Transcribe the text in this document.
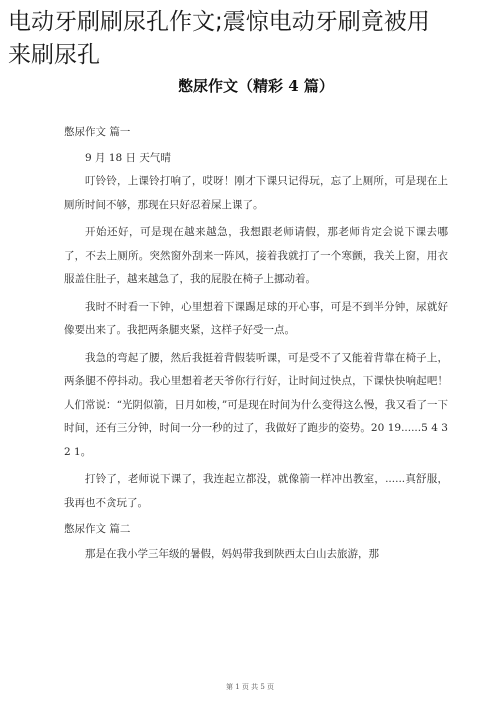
电动牙刷刷尿孔作文;震惊电动牙刷竟被用
来刷尿孔
憋尿作文（精彩 4 篇）

憋尿作文 篇一

9 月 18 日 天气晴

叮铃铃，上课铃打响了，哎呀！刚才下课只记得玩，忘了上厕所，可是现在上厕所时间不够，那现在只好忍着屎上课了。

开始还好，可是现在越来越急，我想跟老师请假，那老师肯定会说下课去哪了，不去上厕所。突然窗外刮来一阵风，接着我就打了一个寒颤，我关上窗，用衣服盖住肚子，越来越急了，我的屁股在椅子上挪动着。

我时不时看一下钟，心里想着下课踢足球的开心事，可是不到半分钟，尿就好像要出来了。我把两条腿夹紧，这样子好受一点。

我急的弯起了腰，然后我挺着背假装听课，可是受不了又能着背靠在椅子上，两条腿不停抖动。我心里想着老天爷你行行好，让时间过快点，下课快快响起吧！人们常说：“光阴似箭，日月如梭，”可是现在时间为什么变得这么慢，我又看了一下时间，还有三分钟，时间一分一秒的过了，我做好了跑步的姿势。20 19......5 4 3 2 1。

打铃了，老师说下课了，我连起立都没，就像箭一样冲出教室，......真舒服，我再也不贪玩了。

憋尿作文 篇二

那是在我小学三年级的暑假，妈妈带我到陕西太白山去旅游，那

第 1 页 共 5 页
